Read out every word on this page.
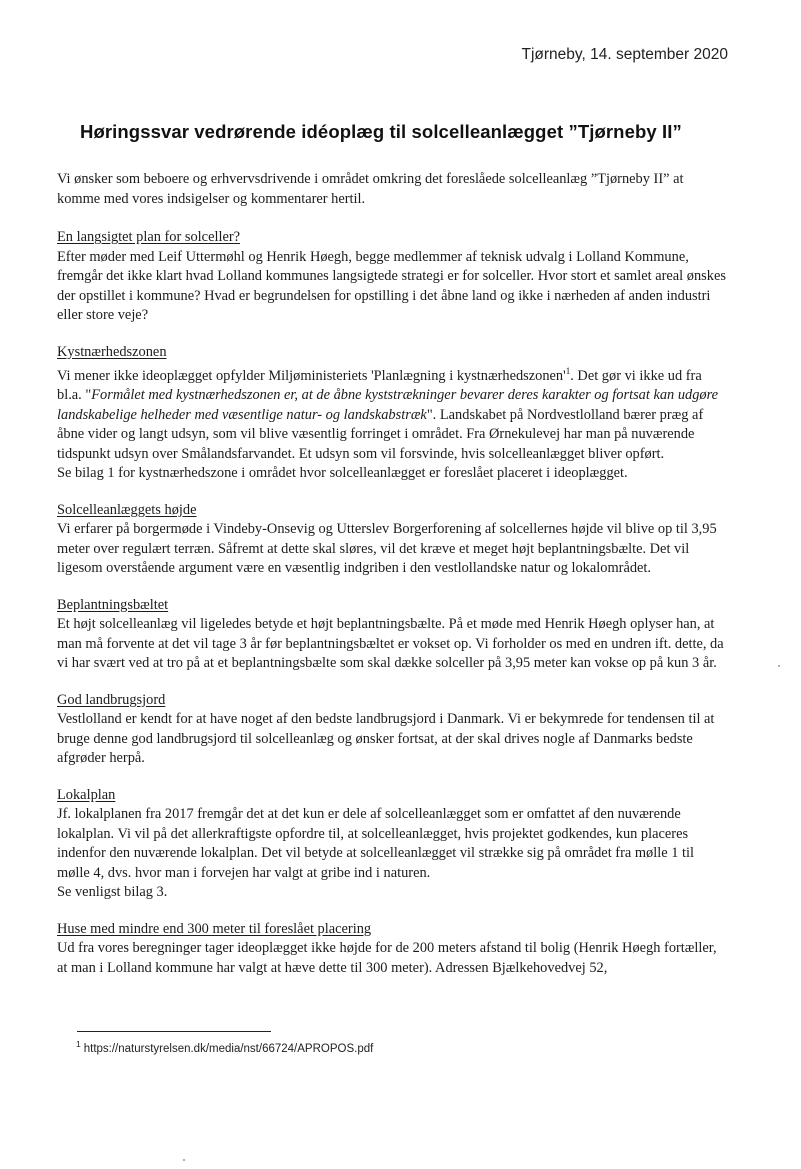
Tjørneby, 14. september 2020
Høringssvar vedrørende idéoplæg til solcelleanlægget ”Tjørneby II”

Vi ønsker som beboere og erhvervsdrivende i området omkring det foreslåede solcelleanlæg ”Tjørneby II” at komme med vores indsigelser og kommentarer hertil.

En langsigtet plan for solceller?

Efter møder med Leif Uttermøhl og Henrik Høegh, begge medlemmer af teknisk udvalg i Lolland Kommune, fremgår det ikke klart hvad Lolland kommunes langsigtede strategi er for solceller. Hvor stort et samlet areal ønskes der opstillet i kommune? Hvad er begrundelsen for opstilling i det åbne land og ikke i nærheden af anden industri eller store veje?

Kystnærhedszonen

Vi mener ikke ideoplægget opfylder Miljøministeriets 'Planlægning i kystnærhedszonen'$^1$. Det gør vi ikke ud fra bl.a. "Formålet med kystnærhedszonen er, at de åbne kyststrækninger bevarer deres karakter og fortsat kan udgøre landskabelige helheder med væsentlige natur- og landskabstræk". Landskabet på Nordvestlolland bærer præg af åbne vider og langt udsyn, som vil blive væsentlig forringet i området. Fra Ørnekulevej har man på nuværende tidspunkt udsyn over Smålandsfarvandet. Et udsyn som vil forsvinde, hvis solcelleanlægget bliver opført.

Se bilag 1 for kystnærhedszone i området hvor solcelleanlægget er foreslået placeret i ideoplægget.

Solcelleanlæggets højde

Vi erfarer på borgermøde i Vindeby-Onsevig og Utterslev Borgerforening af solcellernes højde vil blive op til 3,95 meter over regulært terræn. Såfremt at dette skal sløres, vil det kræve et meget højt beplantningsbælte. Det vil ligesom overstående argument være en væsentlig indgriben i den vestlollandske natur og lokalområdet.

Beplantningsbæltet

Et højt solcelleanlæg vil ligeledes betyde et højt beplantningsbælte. På et møde med Henrik Høegh oplyser han, at man må forvente at det vil tage 3 år før beplantningsbæltet er vokset op. Vi forholder os med en undren ift. dette, da vi har svært ved at tro på at et beplantningsbælte som skal dække solceller på 3,95 meter kan vokse op på kun 3 år.

God landbrugsjord

Vestlolland er kendt for at have noget af den bedste landbrugsjord i Danmark. Vi er bekymrede for tendensen til at bruge denne god landbrugsjord til solcelleanlæg og ønsker fortsat, at der skal drives nogle af Danmarks bedste afgrøder herpå.

Lokalplan

Jf. lokalplanen fra 2017 fremgår det at det kun er dele af solcelleanlægget som er omfattet af den nuværende lokalplan. Vi vil på det allerkraftigste opfordre til, at solcelleanlægget, hvis projektet godkendes, kun placeres indenfor den nuværende lokalplan. Det vil betyde at solcelleanlægget vil strække sig på området fra mølle 1 til mølle 4, dvs. hvor man i forvejen har valgt at gribe ind i naturen.

Se venligst bilag 3.

Huse med mindre end 300 meter til foreslået placering

Ud fra vores beregninger tager ideoplægget ikke højde for de 200 meters afstand til bolig (Henrik Høegh fortæller, at man i Lolland kommune har valgt at hæve dette til 300 meter). Adressen Bjælkehovedvej 52,

$^1$ https://naturstyrelsen.dk/media/nst/66724/APROPOS.pdf
